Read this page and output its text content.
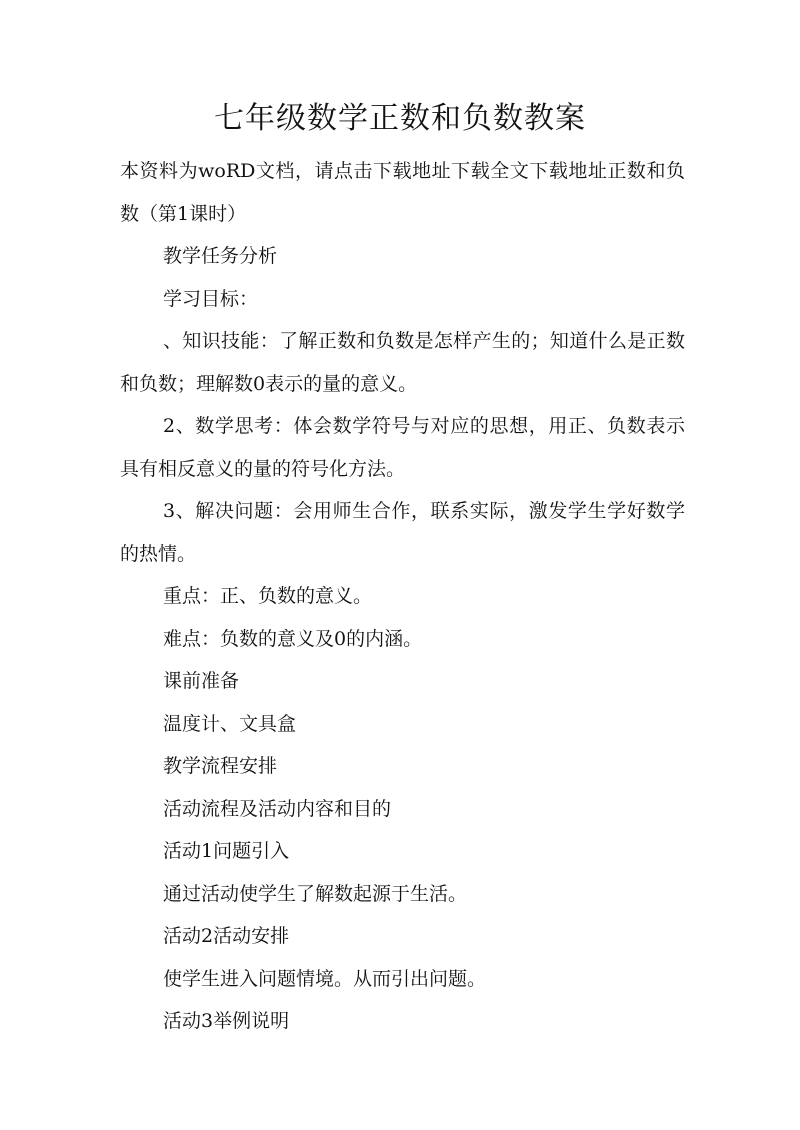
七年级数学正数和负数教案

本资料为woRD文档，请点击下载地址下载全文下载地址正数和负数（第1课时）

教学任务分析

学习目标：

、知识技能：了解正数和负数是怎样产生的；知道什么是正数和负数；理解数0表示的量的意义。

2、数学思考：体会数学符号与对应的思想，用正、负数表示具有相反意义的量的符号化方法。

3、解决问题：会用师生合作，联系实际，激发学生学好数学的热情。

重点：正、负数的意义。

难点：负数的意义及0的内涵。

课前准备

温度计、文具盒

教学流程安排

活动流程及活动内容和目的

活动1问题引入

通过活动使学生了解数起源于生活。

活动2活动安排

使学生进入问题情境。从而引出问题。

活动3举例说明
